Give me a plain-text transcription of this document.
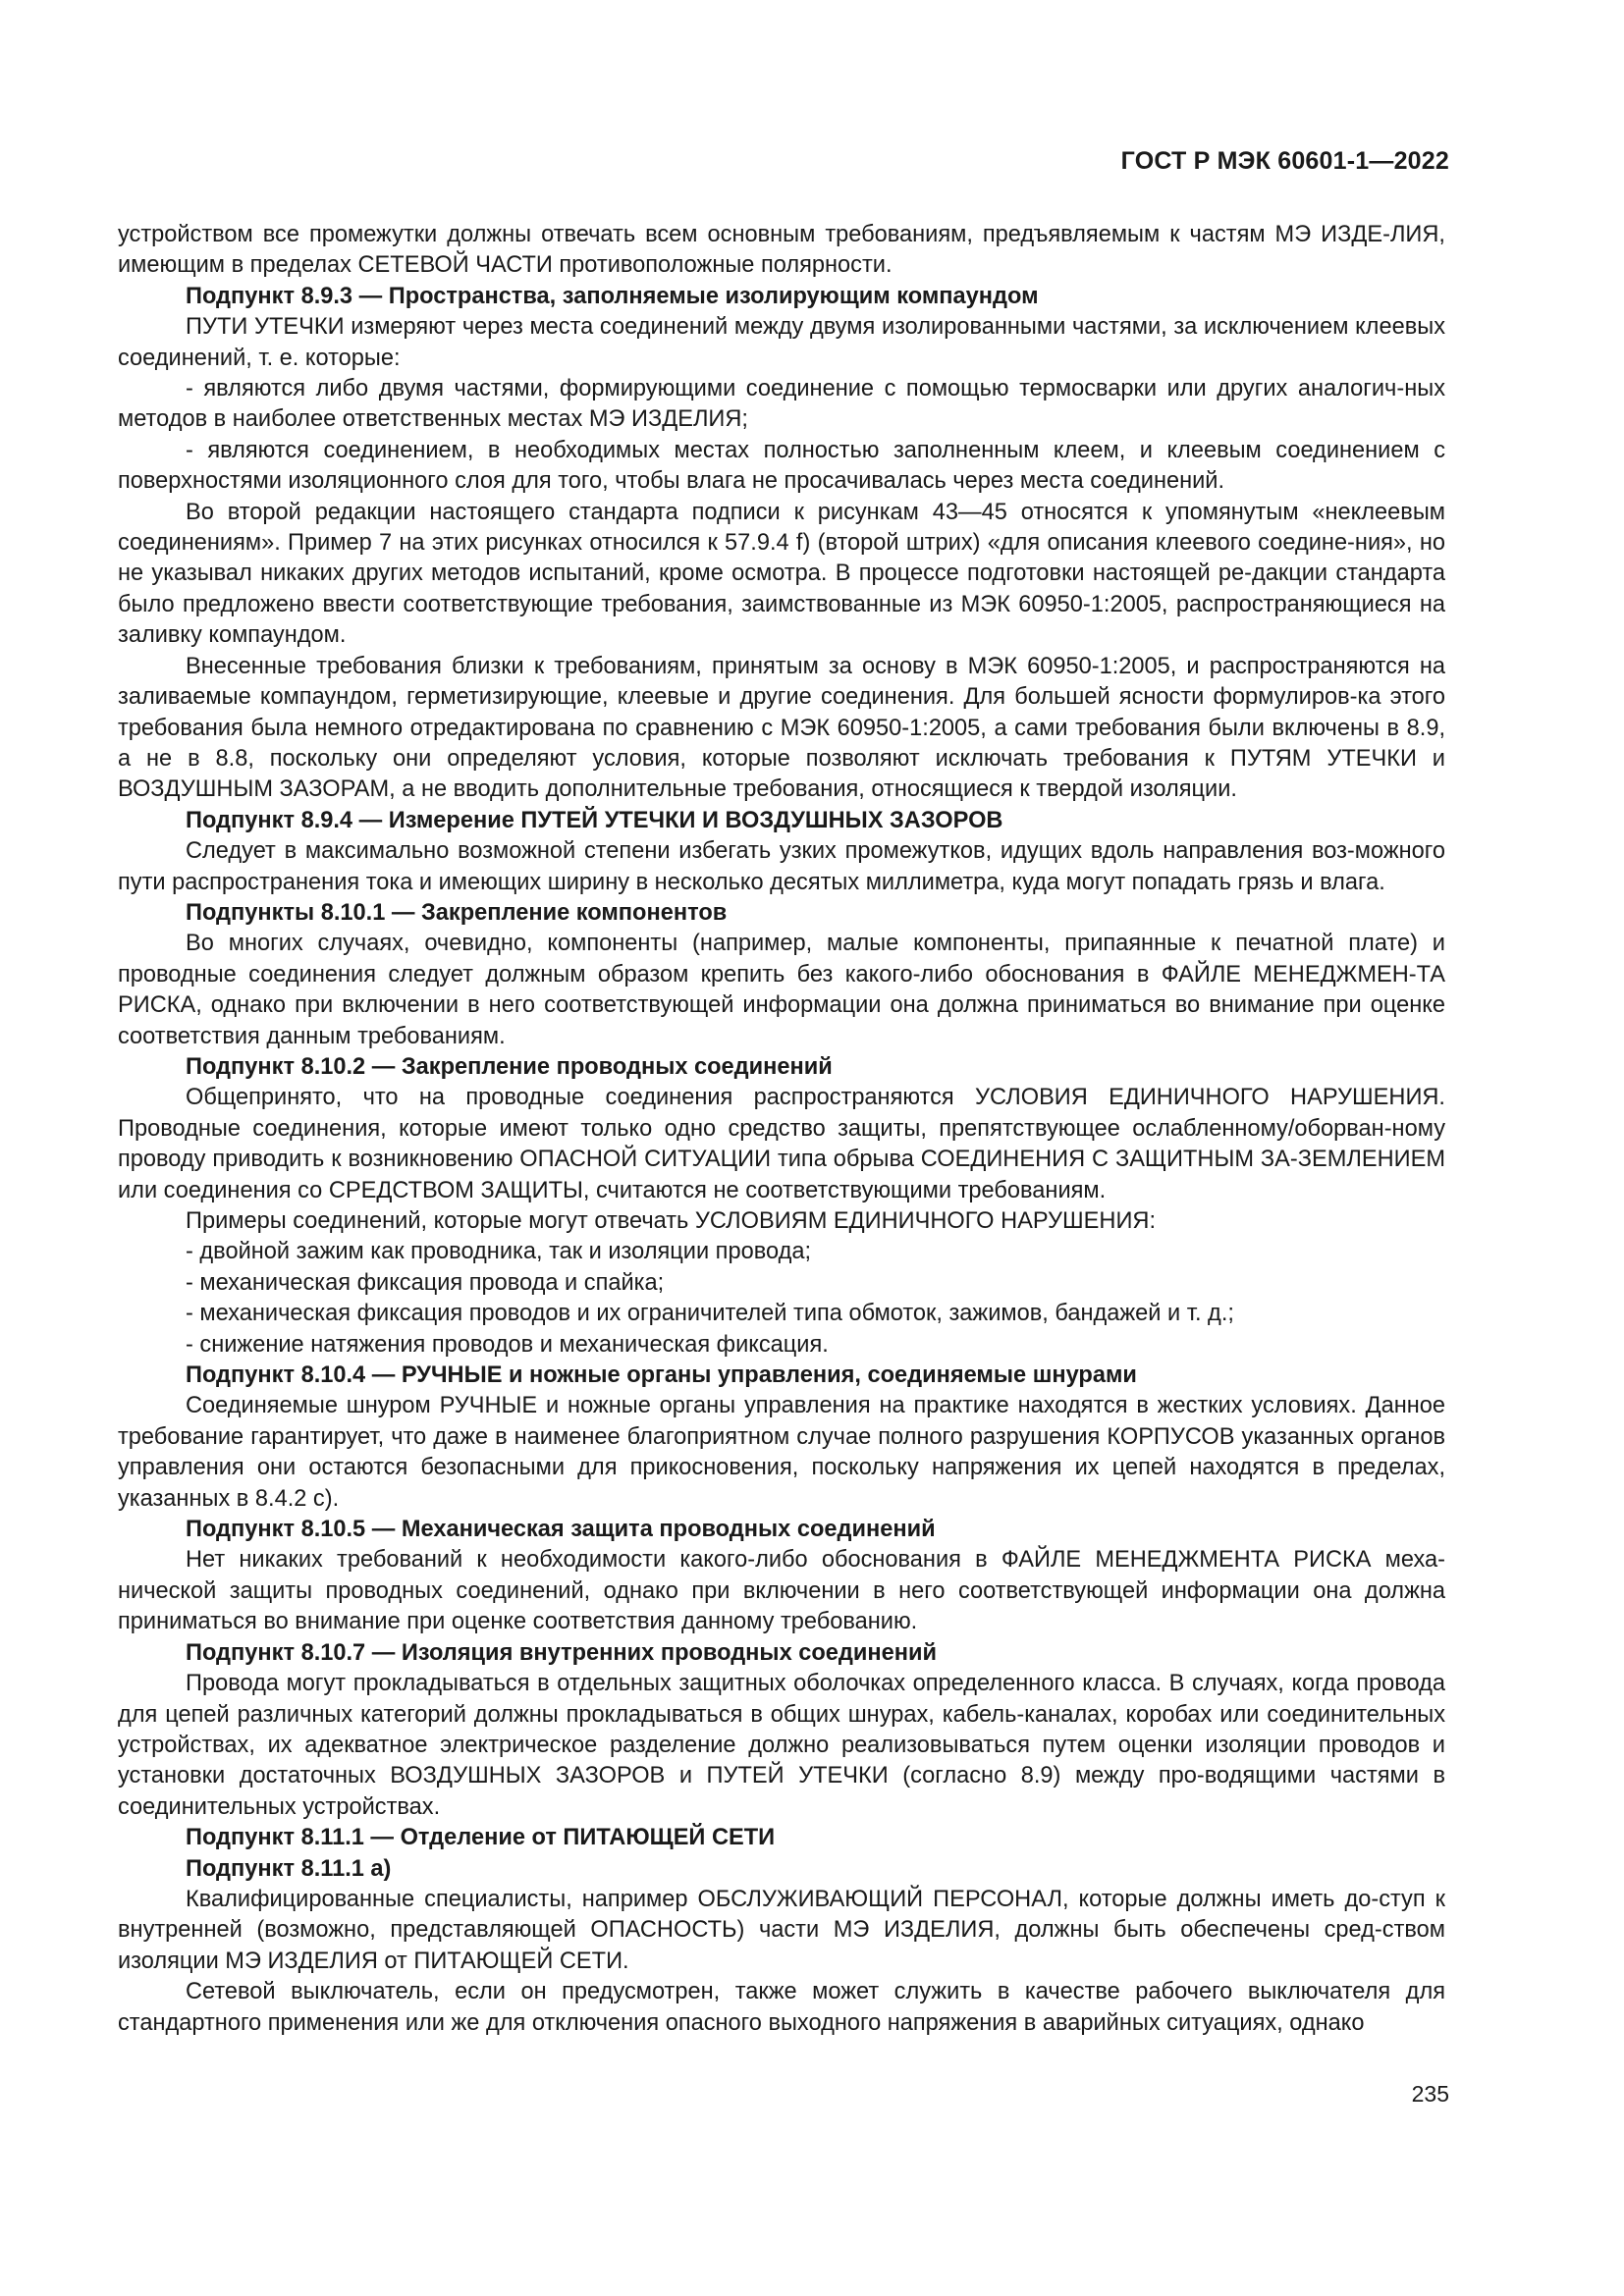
ГОСТ Р МЭК 60601-1—2022

устройством все промежутки должны отвечать всем основным требованиям, предъявляемым к частям МЭ ИЗДЕ-ЛИЯ, имеющим в пределах СЕТЕВОЙ ЧАСТИ противоположные полярности.

Подпункт 8.9.3 — Пространства, заполняемые изолирующим компаундом

ПУТИ УТЕЧКИ измеряют через места соединений между двумя изолированными частями, за исключением клеевых соединений, т. е. которые:

- являются либо двумя частями, формирующими соединение с помощью термосварки или других аналогич-ных методов в наиболее ответственных местах МЭ ИЗДЕЛИЯ;

- являются соединением, в необходимых местах полностью заполненным клеем, и клеевым соединением с поверхностями изоляционного слоя для того, чтобы влага не просачивалась через места соединений.

Во второй редакции настоящего стандарта подписи к рисункам 43—45 относятся к упомянутым «неклеевым соединениям». Пример 7 на этих рисунках относился к 57.9.4 f) (второй штрих) «для описания клеевого соедине-ния», но не указывал никаких других методов испытаний, кроме осмотра. В процессе подготовки настоящей ре-дакции стандарта было предложено ввести соответствующие требования, заимствованные из МЭК 60950-1:2005, распространяющиеся на заливку компаундом.

Внесенные требования близки к требованиям, принятым за основу в МЭК 60950-1:2005, и распространяются на заливаемые компаундом, герметизирующие, клеевые и другие соединения. Для большей ясности формулиров-ка этого требования была немного отредактирована по сравнению с МЭК 60950-1:2005, а сами требования были включены в 8.9, а не в 8.8, поскольку они определяют условия, которые позволяют исключать требования к ПУТЯМ УТЕЧКИ и ВОЗДУШНЫМ ЗАЗОРАМ, а не вводить дополнительные требования, относящиеся к твердой изоляции.

Подпункт 8.9.4 — Измерение ПУТЕЙ УТЕЧКИ И ВОЗДУШНЫХ ЗАЗОРОВ

Следует в максимально возможной степени избегать узких промежутков, идущих вдоль направления воз-можного пути распространения тока и имеющих ширину в несколько десятых миллиметра, куда могут попадать грязь и влага.

Подпункты 8.10.1 — Закрепление компонентов

Во многих случаях, очевидно, компоненты (например, малые компоненты, припаянные к печатной плате) и проводные соединения следует должным образом крепить без какого-либо обоснования в ФАЙЛЕ МЕНЕДЖМЕН-ТА РИСКА, однако при включении в него соответствующей информации она должна приниматься во внимание при оценке соответствия данным требованиям.

Подпункт 8.10.2 — Закрепление проводных соединений

Общепринято, что на проводные соединения распространяются УСЛОВИЯ ЕДИНИЧНОГО НАРУШЕНИЯ. Проводные соединения, которые имеют только одно средство защиты, препятствующее ослабленному/оборван-ному проводу приводить к возникновению ОПАСНОЙ СИТУАЦИИ типа обрыва СОЕДИНЕНИЯ С ЗАЩИТНЫМ ЗА-ЗЕМЛЕНИЕМ или соединения со СРЕДСТВОМ ЗАЩИТЫ, считаются не соответствующими требованиям.

Примеры соединений, которые могут отвечать УСЛОВИЯМ ЕДИНИЧНОГО НАРУШЕНИЯ:

- двойной зажим как проводника, так и изоляции провода;

- механическая фиксация провода и спайка;

- механическая фиксация проводов и их ограничителей типа обмоток, зажимов, бандажей и т. д.;

- снижение натяжения проводов и механическая фиксация.

Подпункт 8.10.4 — РУЧНЫЕ и ножные органы управления, соединяемые шнурами

Соединяемые шнуром РУЧНЫЕ и ножные органы управления на практике находятся в жестких условиях. Данное требование гарантирует, что даже в наименее благоприятном случае полного разрушения КОРПУСОВ указанных органов управления они остаются безопасными для прикосновения, поскольку напряжения их цепей находятся в пределах, указанных в 8.4.2 с).

Подпункт 8.10.5 — Механическая защита проводных соединений

Нет никаких требований к необходимости какого-либо обоснования в ФАЙЛЕ МЕНЕДЖМЕНТА РИСКА меха-нической защиты проводных соединений, однако при включении в него соответствующей информации она должна приниматься во внимание при оценке соответствия данному требованию.

Подпункт 8.10.7 — Изоляция внутренних проводных соединений

Провода могут прокладываться в отдельных защитных оболочках определенного класса. В случаях, когда провода для цепей различных категорий должны прокладываться в общих шнурах, кабель-каналах, коробах или соединительных устройствах, их адекватное электрическое разделение должно реализовываться путем оценки изоляции проводов и установки достаточных ВОЗДУШНЫХ ЗАЗОРОВ и ПУТЕЙ УТЕЧКИ (согласно 8.9) между про-водящими частями в соединительных устройствах.

Подпункт 8.11.1 — Отделение от ПИТАЮЩЕЙ СЕТИ

Подпункт 8.11.1 a)

Квалифицированные специалисты, например ОБСЛУЖИВАЮЩИЙ ПЕРСОНАЛ, которые должны иметь до-ступ к внутренней (возможно, представляющей ОПАСНОСТЬ) части МЭ ИЗДЕЛИЯ, должны быть обеспечены сред-ством изоляции МЭ ИЗДЕЛИЯ от ПИТАЮЩЕЙ СЕТИ.

Сетевой выключатель, если он предусмотрен, также может служить в качестве рабочего выключателя для стандартного применения или же для отключения опасного выходного напряжения в аварийных ситуациях, однако

235
